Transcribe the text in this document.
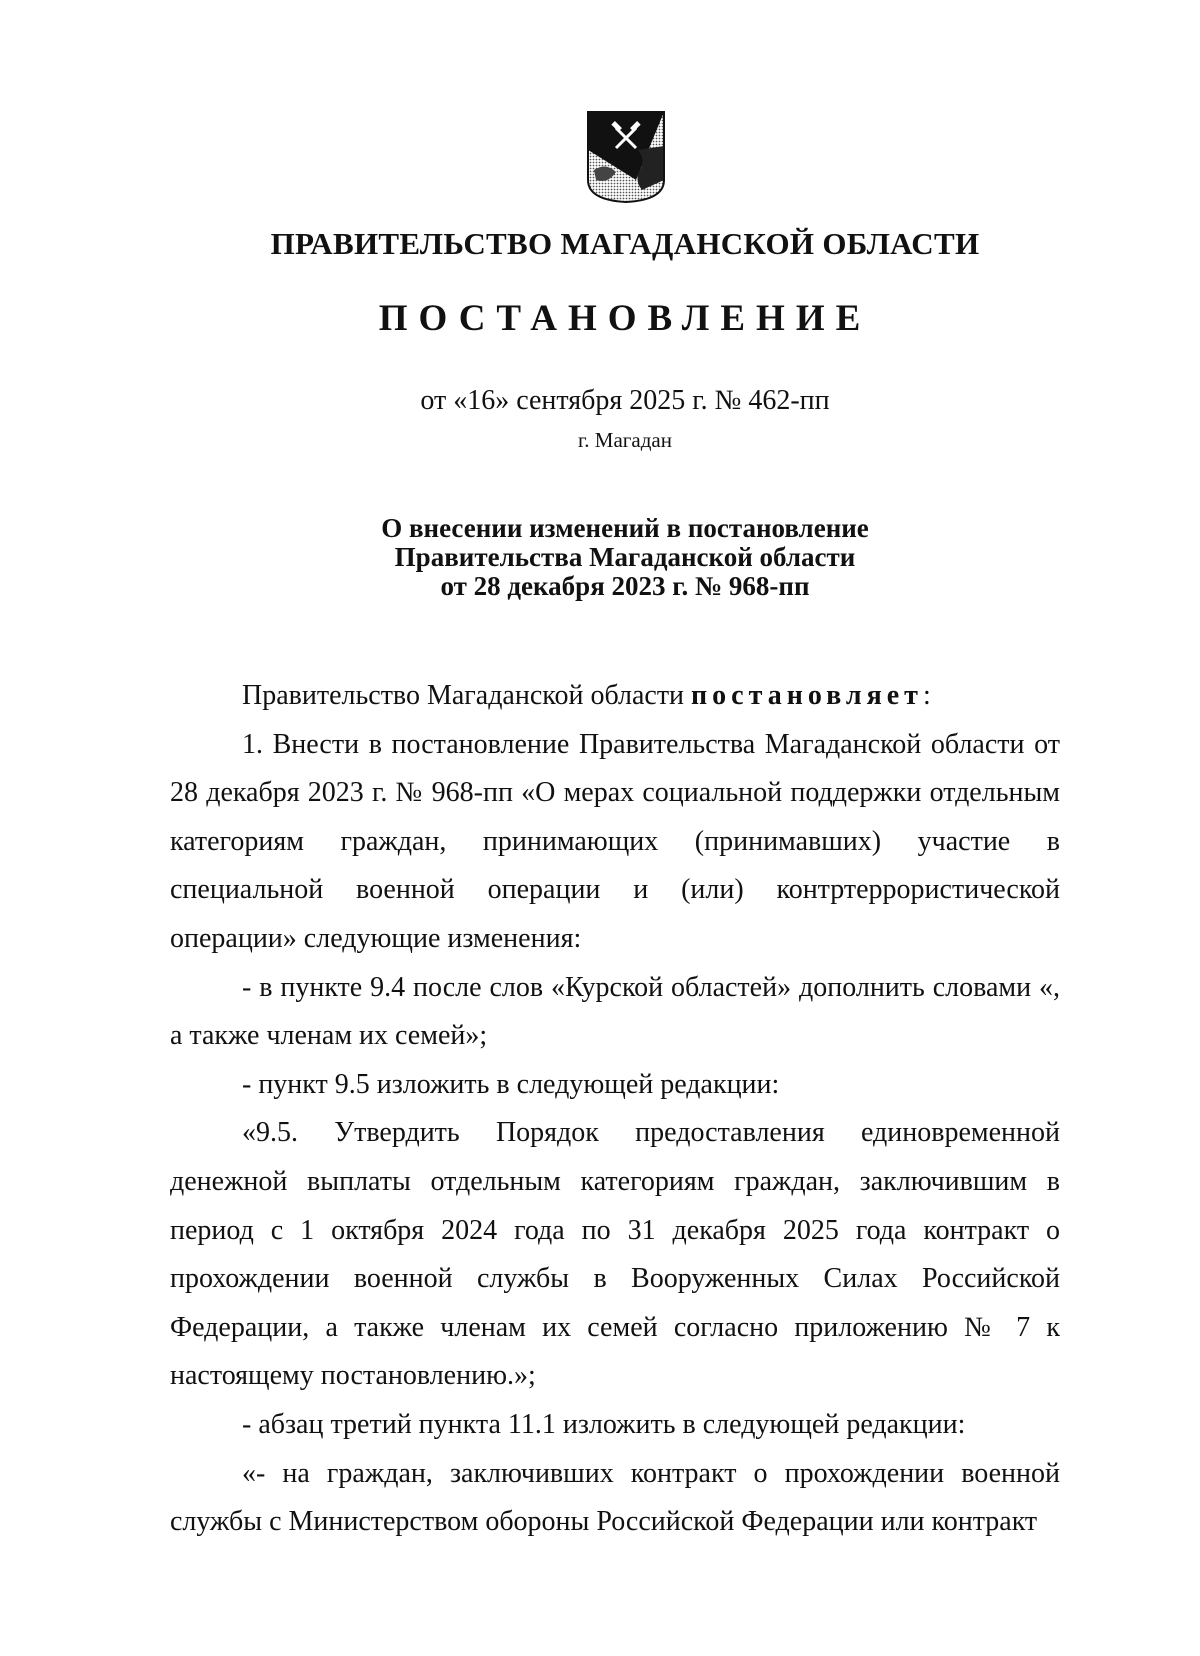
ПРАВИТЕЛЬСТВО МАГАДАНСКОЙ ОБЛАСТИ
ПОСТАНОВЛЕНИЕ
от «16» сентября 2025 г. № 462-пп
г. Магадан
О внесении изменений в постановление
Правительства Магаданской области
от 28 декабря 2023 г. № 968-пп

Правительство Магаданской области постановляет:

1. Внести в постановление Правительства Магаданской области от 28 декабря 2023 г. № 968-пп «О мерах социальной поддержки отдельным категориям граждан, принимающих (принимавших) участие в специальной военной операции и (или) контртеррористической операции» следующие изменения:

- в пункте 9.4 после слов «Курской областей» дополнить словами «, а также членам их семей»;

- пункт 9.5 изложить в следующей редакции:

«9.5. Утвердить Порядок предоставления единовременной денежной выплаты отдельным категориям граждан, заключившим в период с 1 октября 2024 года по 31 декабря 2025 года контракт о прохождении военной службы в Вооруженных Силах Российской Федерации, а также членам их семей согласно приложению № 7 к настоящему постановлению.»;

- абзац третий пункта 11.1 изложить в следующей редакции:

«- на граждан, заключивших контракт о прохождении военной службы с Министерством обороны Российской Федерации или контракт
